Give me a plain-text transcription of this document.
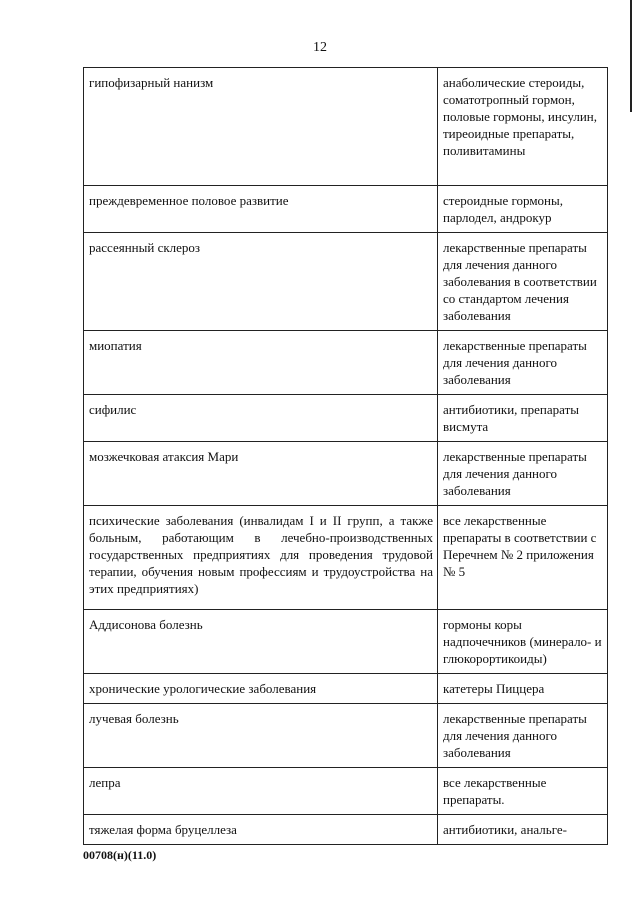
12
гипофизарный нанизм	анаболические стероиды, соматотропный гормон, половые гормоны, инсулин, тиреоидные препараты, поливитамины
преждевременное половое развитие	стероидные гормоны, парлодел, андрокур
рассеянный склероз	лекарственные препараты для лечения данного заболевания в соответствии со стандартом лечения заболевания
миопатия	лекарственные препараты для лечения данного заболевания
сифилис	антибиотики, препараты висмута
мозжечковая атаксия Мари	лекарственные препараты для лечения данного заболевания
психические заболевания (инвалидам I и II групп, а также больным, работающим в лечебно-производственных государственных предприятиях для проведения трудовой терапии, обучения новым профессиям и трудоустройства на этих предприятиях)	все лекарственные препараты в соответствии с Перечнем № 2 приложения № 5
Аддисонова болезнь	гормоны коры надпочечников (минерало- и глюкорортикоиды)
хронические урологические заболевания	катетеры Пиццера
лучевая болезнь	лекарственные препараты для лечения данного заболевания
лепра	все лекарственные препараты.
тяжелая форма бруцеллеза	антибиотики, анальге-
00708(н)(11.0)
